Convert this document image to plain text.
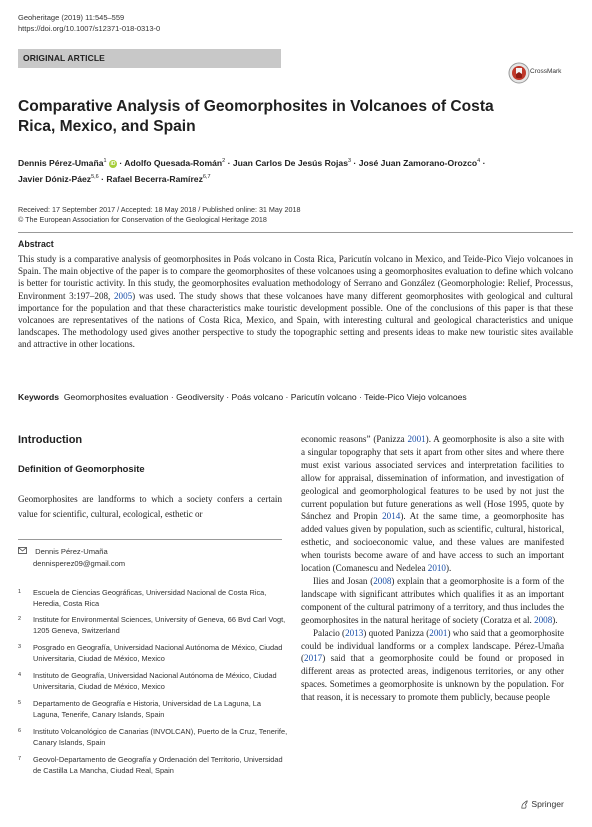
Geoheritage (2019) 11:545–559
https://doi.org/10.1007/s12371-018-0313-0
ORIGINAL ARTICLE
CrossMark
Comparative Analysis of Geomorphosites in Volcanoes of Costa Rica, Mexico, and Spain
Dennis Pérez-Umaña$^1$ iD · Adolfo Quesada-Román$^2$ · Juan Carlos De Jesús Rojas$^3$ · José Juan Zamorano-Orozco$^4$ ·
Javier Dóniz-Páez$^{5,6}$ · Rafael Becerra-Ramírez$^{6,7}$
Received: 17 September 2017 / Accepted: 18 May 2018 / Published online: 31 May 2018
© The European Association for Conservation of the Geological Heritage 2018
Abstract
This study is a comparative analysis of geomorphosites in Poás volcano in Costa Rica, Paricutín volcano in Mexico, and Teide-Pico Viejo volcanoes in Spain. The main objective of the paper is to compare the geomorphosites of these volcanoes using a geomorphosites evaluation to define which volcano is better for touristic activity. In this study, the geomorphosites evaluation methodology of Serrano and González (Geomorphologie: Relief, Processus, Environment 3:197–208, 2005) was used. The study shows that these volcanoes have many different geomorphosites with geological and cultural importance for the population and that these characteristics make touristic development possible. One of the conclusions of this paper is that these volcanoes are representatives of the nations of Costa Rica, Mexico, and Spain, with interesting cultural and geological characteristics and unique landscapes. The methodology used gives another perspective to study the topographic setting and presents ideas to make new touristic sites available and attractive in other locations.
Keywords Geomorphosites evaluation · Geodiversity · Poás volcano · Paricutín volcano · Teide-Pico Viejo volcanoes
Introduction
Definition of Geomorphosite
Geomorphosites are landforms to which a society confers a certain value for scientific, cultural, ecological, esthetic or
Dennis Pérez-Umaña
dennisperez09@gmail.com
1 Escuela de Ciencias Geográficas, Universidad Nacional de Costa Rica, Heredia, Costa Rica
2 Institute for Environmental Sciences, University of Geneva, 66 Bvd Carl Vogt, 1205 Geneva, Switzerland
3 Posgrado en Geografía, Universidad Nacional Autónoma de México, Ciudad Universitaria, Ciudad de México, Mexico
4 Instituto de Geografía, Universidad Nacional Autónoma de México, Ciudad Universitaria, Ciudad de México, Mexico
5 Departamento de Geografía e Historia, Universidad de La Laguna, La Laguna, Tenerife, Canary Islands, Spain
6 Instituto Volcanológico de Canarias (INVOLCAN), Puerto de la Cruz, Tenerife, Canary Islands, Spain
7 Geovol-Departamento de Geografía y Ordenación del Territorio, Universidad de Castilla La Mancha, Ciudad Real, Spain

economic reasons” (Panizza 2001). A geomorphosite is also a site with a singular topography that sets it apart from other sites and where there must exist various associated services and interpretation facilities to allow for appraisal, dissemination of information, and investigation of geological and geomorphological features to be used by not just the current population but future generations as well (Hose 1995, quote by Sánchez and Propin 2014). At the same time, a geomorphosite has added values given by population, such as scientific, cultural, historical, esthetic, and socioeconomic value, and these values are manifested when tourists become aware of and have access to such an important location (Comanescu and Nedelea 2010).

Ilies and Josan (2008) explain that a geomorphosite is a form of the landscape with significant attributes which qualifies it as an important component of the cultural patrimony of a territory, and thus includes the geomorphosites in the natural heritage of society (Coratza et al. 2008).

Palacio (2013) quoted Panizza (2001) who said that a geomorphosite could be individual landforms or a complex landscape. Pérez-Umaña (2017) said that a geomorphosite could be found or proposed in different areas as protected areas, indigenous territories, or any other spaces. Sometimes a geomorphosite is unknown by the population. For that reason, it is necessary to promote them publicly, because people

Springer
